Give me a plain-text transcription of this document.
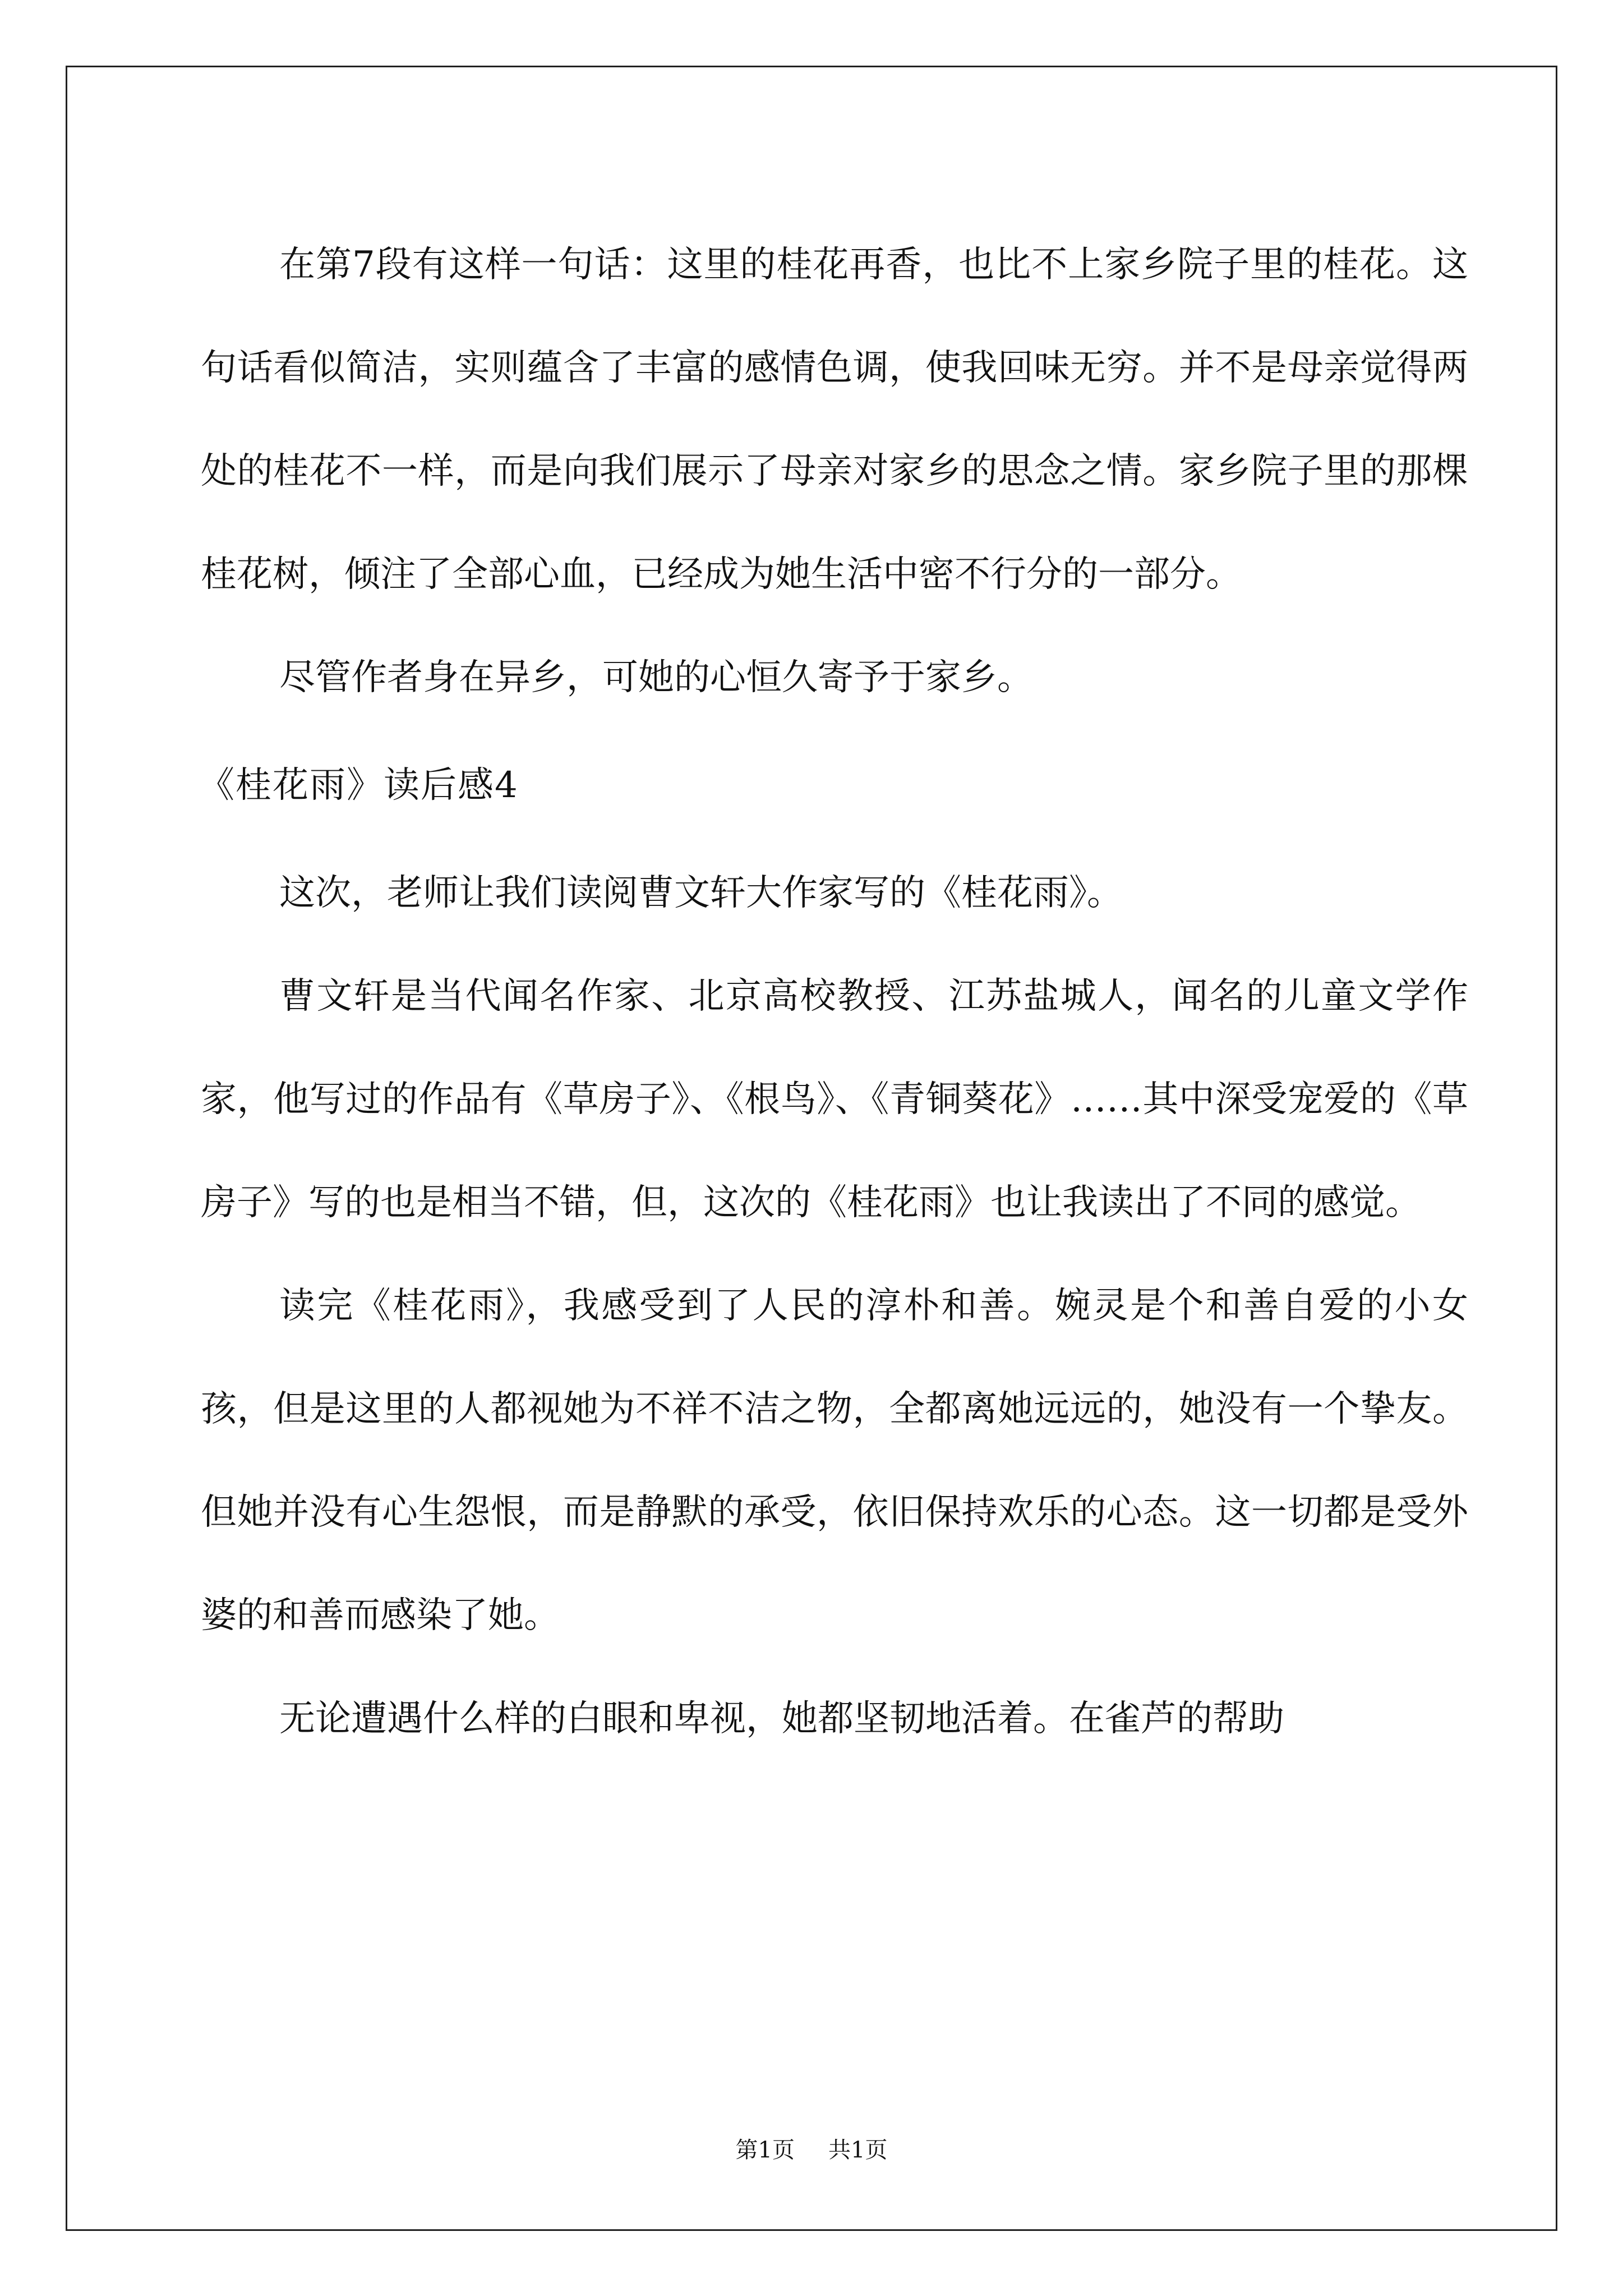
在第7段有这样一句话：这里的桂花再香，也比不上家乡院子里的桂花。这句话看似简洁，实则蕴含了丰富的感情色调，使我回味无穷。并不是母亲觉得两处的桂花不一样，而是向我们展示了母亲对家乡的思念之情。家乡院子里的那棵桂花树，倾注了全部心血，已经成为她生活中密不行分的一部分。

尽管作者身在异乡，可她的心恒久寄予于家乡。

《桂花雨》读后感4

这次，老师让我们读阅曹文轩大作家写的《桂花雨》。

曹文轩是当代闻名作家、北京高校教授、江苏盐城人，闻名的儿童文学作家，他写过的作品有《草房子》、《根鸟》、《青铜葵花》……其中深受宠爱的《草房子》写的也是相当不错，但，这次的《桂花雨》也让我读出了不同的感觉。

读完《桂花雨》，我感受到了人民的淳朴和善。婉灵是个和善自爱的小女孩，但是这里的人都视她为不祥不洁之物，全都离她远远的，她没有一个挚友。但她并没有心生怨恨，而是静默的承受，依旧保持欢乐的心态。这一切都是受外婆的和善而感染了她。

无论遭遇什么样的白眼和卑视，她都坚韧地活着。在雀芦的帮助

第1页 共1页
